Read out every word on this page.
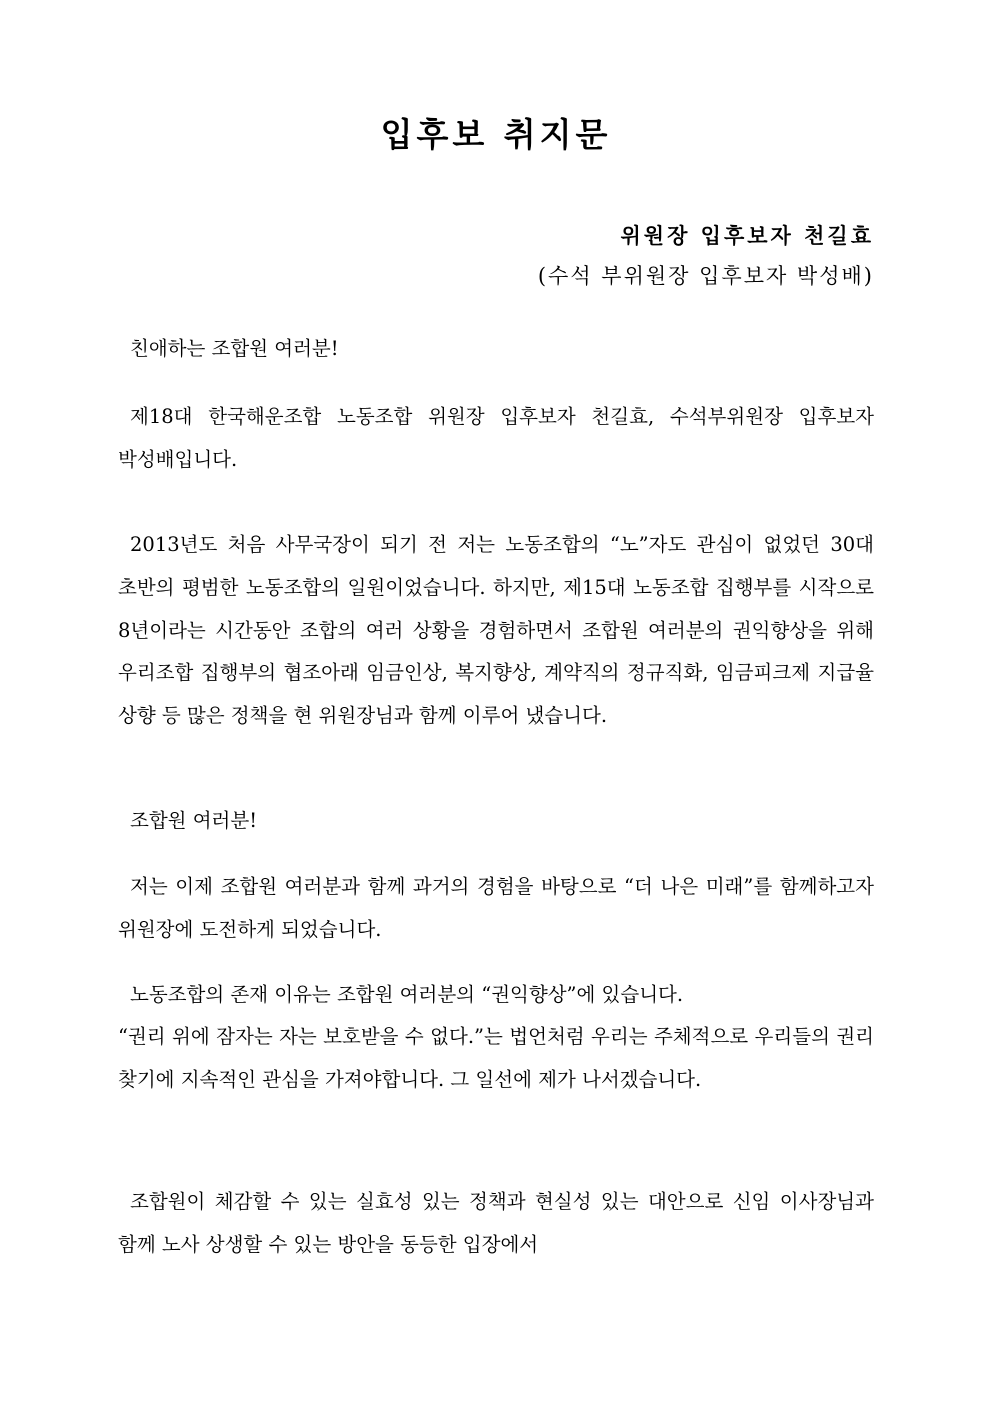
입후보 취지문
위원장 입후보자 천길효
(수석 부위원장 입후보자 박성배)
친애하는 조합원 여러분!
제18대 한국해운조합 노동조합 위원장 입후보자 천길효, 수석부위원장 입후보자 박성배입니다.
2013년도 처음 사무국장이 되기 전 저는 노동조합의 “노”자도 관심이 없었던 30대 초반의 평범한 노동조합의 일원이었습니다. 하지만, 제15대 노동조합 집행부를 시작으로 8년이라는 시간동안 조합의 여러 상황을 경험하면서 조합원 여러분의 권익향상을 위해 우리조합 집행부의 협조아래 임금인상, 복지향상, 계약직의 정규직화, 임금피크제 지급율 상향 등 많은 정책을 현 위원장님과 함께 이루어 냈습니다.
조합원 여러분!
저는 이제 조합원 여러분과 함께 과거의 경험을 바탕으로 “더 나은 미래”를 함께하고자 위원장에 도전하게 되었습니다.
노동조합의 존재 이유는 조합원 여러분의 “권익향상”에 있습니다.
“권리 위에 잠자는 자는 보호받을 수 없다.”는 법언처럼 우리는 주체적으로 우리들의 권리 찾기에 지속적인 관심을 가져야합니다. 그 일선에 제가 나서겠습니다.
조합원이 체감할 수 있는 실효성 있는 정책과 현실성 있는 대안으로 신임 이사장님과 함께 노사 상생할 수 있는 방안을 동등한 입장에서
